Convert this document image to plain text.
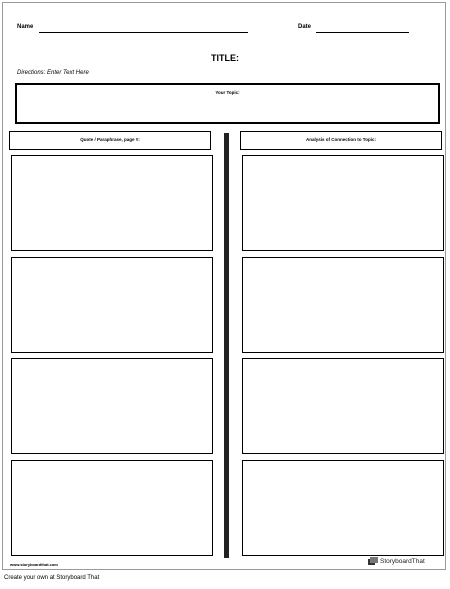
Name	Date
TITLE:
Directions: Enter Text Here
Your Topic:
Quote / Paraphrase, page #:	Analysis of Connection to Topic:
www.storyboardthat.com	StoryboardThat
Create your own at Storyboard That
